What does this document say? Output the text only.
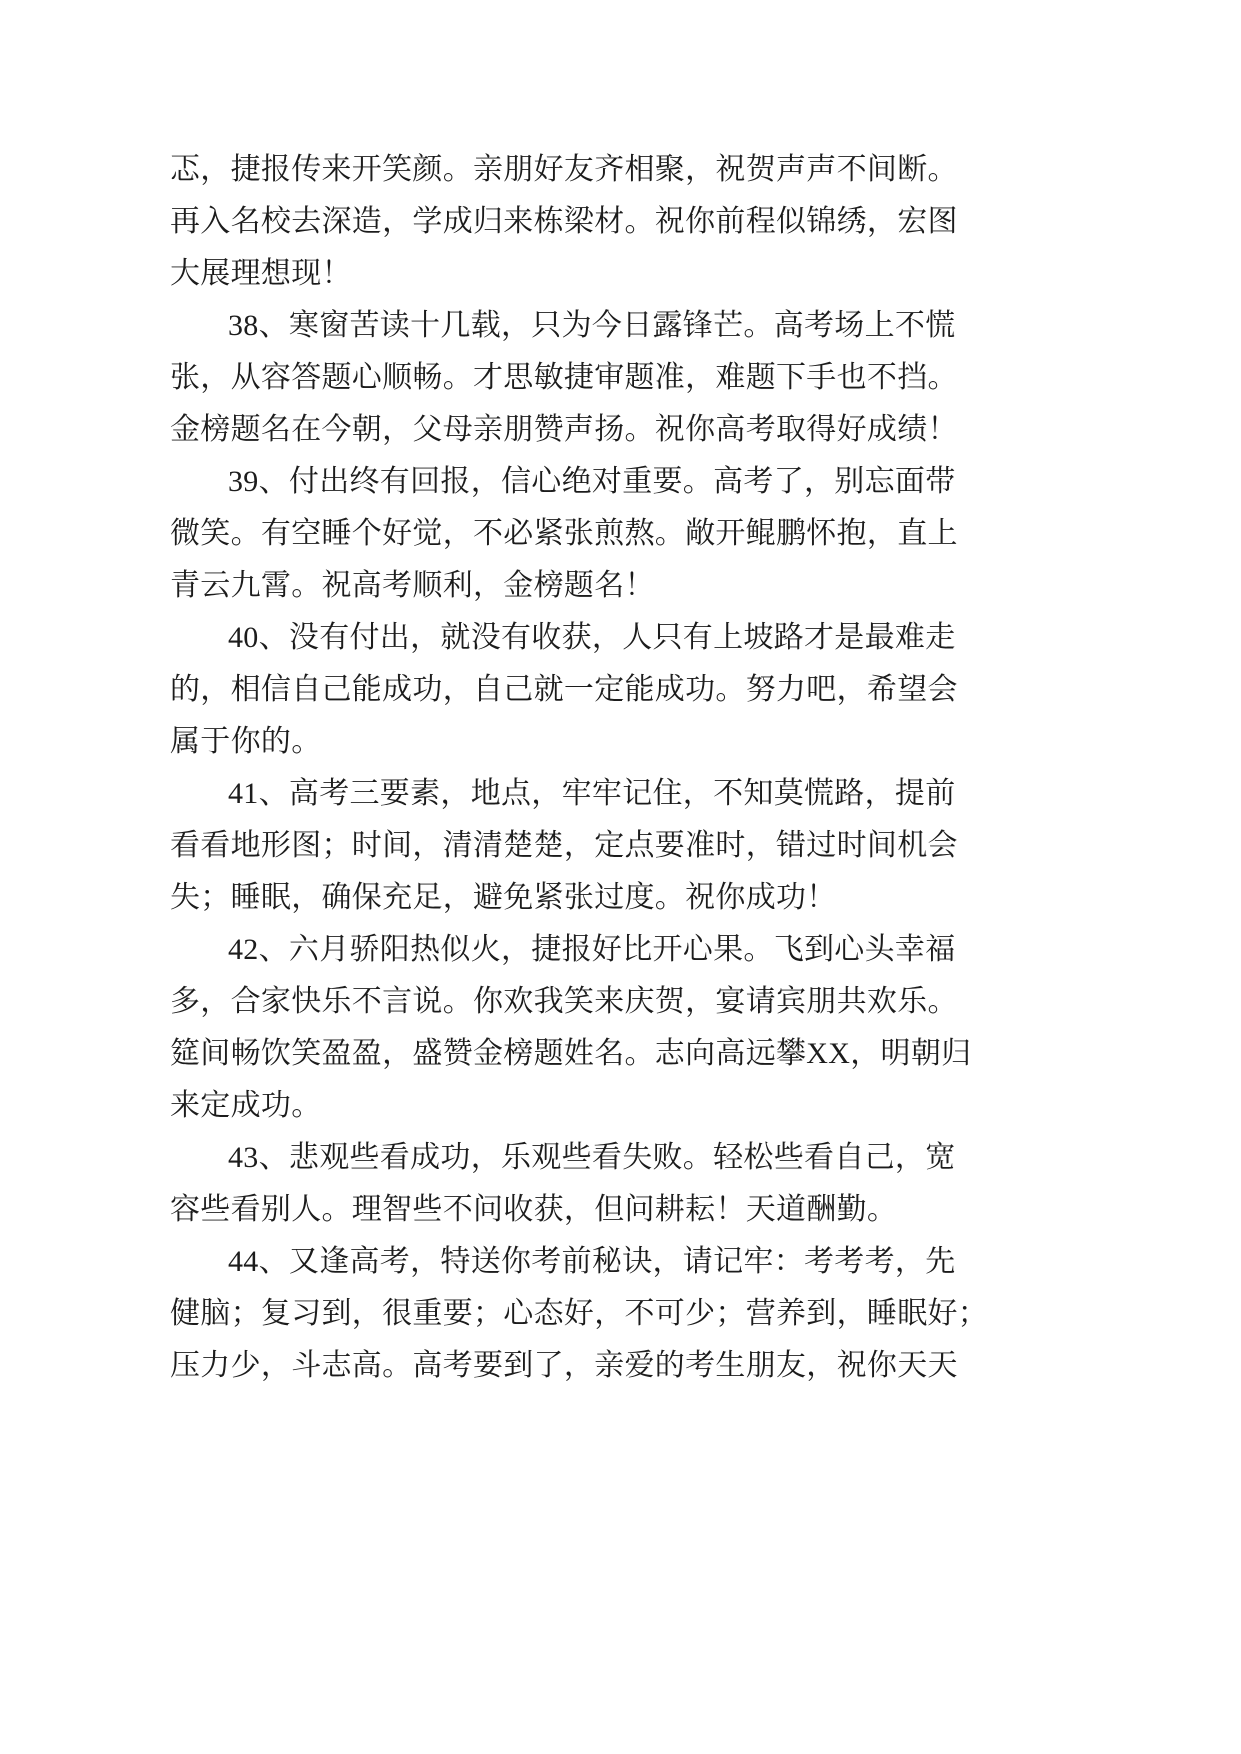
忑，捷报传来开笑颜。亲朋好友齐相聚，祝贺声声不间断。
再入名校去深造，学成归来栋梁材。祝你前程似锦绣，宏图
大展理想现！
38、寒窗苦读十几载，只为今日露锋芒。高考场上不慌
张，从容答题心顺畅。才思敏捷审题准，难题下手也不挡。
金榜题名在今朝，父母亲朋赞声扬。祝你高考取得好成绩！
39、付出终有回报，信心绝对重要。高考了，别忘面带
微笑。有空睡个好觉，不必紧张煎熬。敞开鲲鹏怀抱，直上
青云九霄。祝高考顺利，金榜题名！
40、没有付出，就没有收获，人只有上坡路才是最难走
的，相信自己能成功，自己就一定能成功。努力吧，希望会
属于你的。
41、高考三要素，地点，牢牢记住，不知莫慌路，提前
看看地形图；时间，清清楚楚，定点要准时，错过时间机会
失；睡眠，确保充足，避免紧张过度。祝你成功！
42、六月骄阳热似火，捷报好比开心果。飞到心头幸福
多，合家快乐不言说。你欢我笑来庆贺，宴请宾朋共欢乐。
筵间畅饮笑盈盈，盛赞金榜题姓名。志向高远攀XX，明朝归
来定成功。
43、悲观些看成功，乐观些看失败。轻松些看自己，宽
容些看别人。理智些不问收获，但问耕耘！天道酬勤。
44、又逢高考，特送你考前秘诀，请记牢：考考考，先
健脑；复习到，很重要；心态好，不可少；营养到，睡眠好；
压力少，斗志高。高考要到了，亲爱的考生朋友，祝你天天
